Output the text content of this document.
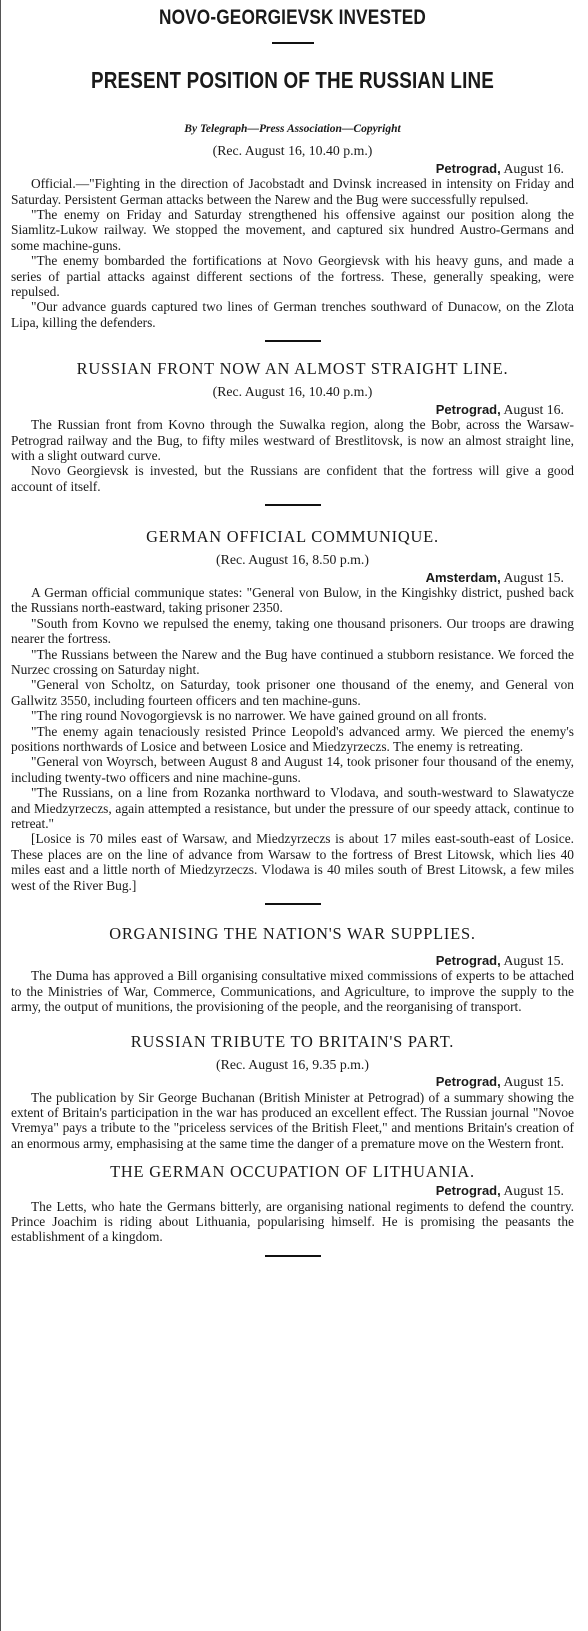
NOVO-GEORGIEVSK INVESTED
PRESENT POSITION OF THE RUSSIAN LINE
By Telegraph—Press Association—Copyright
(Rec. August 16, 10.40 p.m.)
Petrograd, August 16.

Official.—"Fighting in the direction of Jacobstadt and Dvinsk increased in intensity on Friday and Saturday. Persistent German attacks between the Narew and the Bug were successfully repulsed.

"The enemy on Friday and Saturday strengthened his offensive against our position along the Siamlitz-Lukow railway. We stopped the movement, and captured six hundred Austro-Germans and some machine-guns.

"The enemy bombarded the fortifications at Novo Georgievsk with his heavy guns, and made a series of partial attacks against different sections of the fortress. These, generally speaking, were repulsed.

"Our advance guards captured two lines of German trenches southward of Dunacow, on the Zlota Lipa, killing the defenders.

RUSSIAN FRONT NOW AN ALMOST STRAIGHT LINE.
(Rec. August 16, 10.40 p.m.)
Petrograd, August 16.

The Russian front from Kovno through the Suwalka region, along the Bobr, across the Warsaw-Petrograd railway and the Bug, to fifty miles westward of Brestlitovsk, is now an almost straight line, with a slight outward curve.

Novo Georgievsk is invested, but the Russians are confident that the fortress will give a good account of itself.

GERMAN OFFICIAL COMMUNIQUE.
(Rec. August 16, 8.50 p.m.)
Amsterdam, August 15.

A German official communique states: "General von Bulow, in the Kingishky district, pushed back the Russians north-eastward, taking prisoner 2350.

"South from Kovno we repulsed the enemy, taking one thousand prisoners. Our troops are drawing nearer the fortress.

"The Russians between the Narew and the Bug have continued a stubborn resistance. We forced the Nurzec crossing on Saturday night.

"General von Scholtz, on Saturday, took prisoner one thousand of the enemy, and General von Gallwitz 3550, including fourteen officers and ten machine-guns.

"The ring round Novogorgievsk is no narrower. We have gained ground on all fronts.

"The enemy again tenaciously resisted Prince Leopold's advanced army. We pierced the enemy's positions northwards of Losice and between Losice and Miedzyrzeczs. The enemy is retreating.

"General von Woyrsch, between August 8 and August 14, took prisoner four thousand of the enemy, including twenty-two officers and nine machine-guns.

"The Russians, on a line from Rozanka northward to Vlodava, and south-westward to Slawatycze and Miedzyrzeczs, again attempted a resistance, but under the pressure of our speedy attack, continue to retreat."

[Losice is 70 miles east of Warsaw, and Miedzyrzeczs is about 17 miles east-south-east of Losice. These places are on the line of advance from Warsaw to the fortress of Brest Litowsk, which lies 40 miles east and a little north of Miedzyrzeczs. Vlodawa is 40 miles south of Brest Litowsk, a few miles west of the River Bug.]

ORGANISING THE NATION'S WAR SUPPLIES.
Petrograd, August 15.

The Duma has approved a Bill organising consultative mixed commissions of experts to be attached to the Ministries of War, Commerce, Communications, and Agriculture, to improve the supply to the army, the output of munitions, the provisioning of the people, and the reorganising of transport.

RUSSIAN TRIBUTE TO BRITAIN'S PART.
(Rec. August 16, 9.35 p.m.)
Petrograd, August 15.

The publication by Sir George Buchanan (British Minister at Petrograd) of a summary showing the extent of Britain's participation in the war has produced an excellent effect. The Russian journal "Novoe Vremya" pays a tribute to the "priceless services of the British Fleet," and mentions Britain's creation of an enormous army, emphasising at the same time the danger of a premature move on the Western front.

THE GERMAN OCCUPATION OF LITHUANIA.
Petrograd, August 15.

The Letts, who hate the Germans bitterly, are organising national regiments to defend the country. Prince Joachim is riding about Lithuania, popularising himself. He is promising the peasants the establishment of a kingdom.
